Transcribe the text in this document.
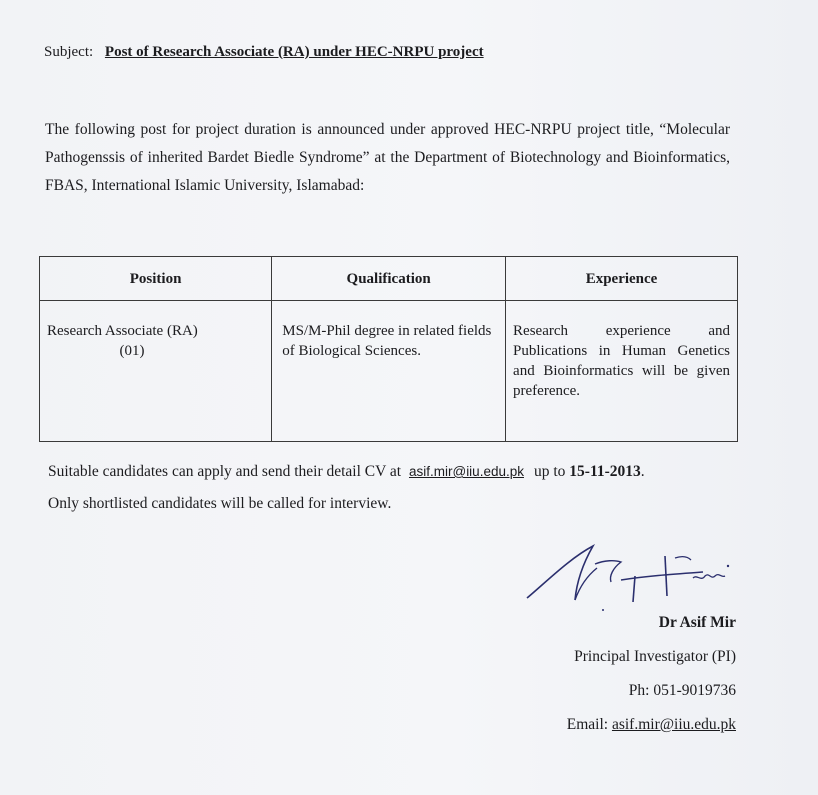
Subject: Post of Research Associate (RA) under HEC-NRPU project
The following post for project duration is announced under approved HEC-NRPU project title, “Molecular Pathogenssis of inherited Bardet Biedle Syndrome” at the Department of Biotechnology and Bioinformatics, FBAS, International Islamic University, Islamabad:
Position	Qualification	Experience

Research Associate (RA)
(01)	MS/M-Phil degree in related fields of Biological Sciences.	Research experience and Publications in Human Genetics and Bioinformatics will be given preference.
Suitable candidates can apply and send their detail CV at asif.mir@iiu.edu.pk up to 15-11-2013.
Only shortlisted candidates will be called for interview.
Dr Asif Mir
Principal Investigator (PI)
Ph: 051-9019736
Email: asif.mir@iiu.edu.pk
